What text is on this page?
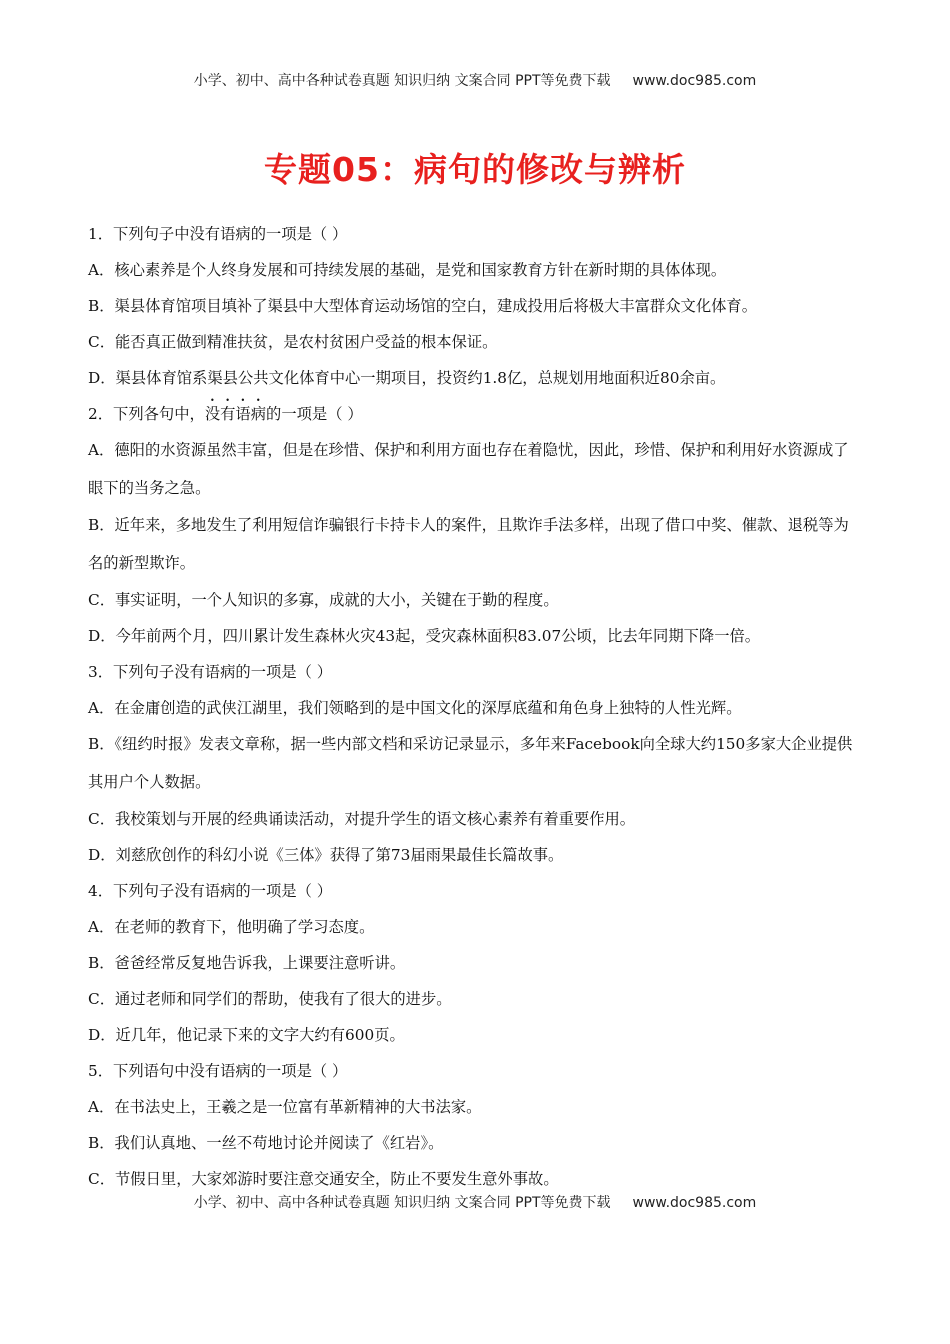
小学、初中、高中各种试卷真题 知识归纳 文案合同 PPT等免费下载 www.doc985.com
专题05：病句的修改与辨析

1．下列句子中没有语病的一项是（ ）

A．核心素养是个人终身发展和可持续发展的基础，是党和国家教育方针在新时期的具体体现。

B．渠县体育馆项目填补了渠县中大型体育运动场馆的空白，建成投用后将极大丰富群众文化体育。

C．能否真正做到精准扶贫，是农村贫困户受益的根本保证。

D．渠县体育馆系渠县公共文化体育中心一期项目，投资约1.8亿，总规划用地面积近80余亩。

2．下列各句中，没有语病的一项是（ ）

A．德阳的水资源虽然丰富，但是在珍惜、保护和利用方面也存在着隐忧，因此，珍惜、保护和利用好水资源成了眼下的当务之急。

B．近年来，多地发生了利用短信诈骗银行卡持卡人的案件，且欺诈手法多样，出现了借口中奖、催款、退税等为名的新型欺诈。

C．事实证明，一个人知识的多寡，成就的大小，关键在于勤的程度。

D．今年前两个月，四川累计发生森林火灾43起，受灾森林面积83.07公顷，比去年同期下降一倍。

3．下列句子没有语病的一项是（ ）

A．在金庸创造的武侠江湖里，我们领略到的是中国文化的深厚底蕴和角色身上独特的人性光辉。

B．《纽约时报》发表文章称，据一些内部文档和采访记录显示，多年来Facebook向全球大约150多家大企业提供其用户个人数据。

C．我校策划与开展的经典诵读活动，对提升学生的语文核心素养有着重要作用。

D．刘慈欣创作的科幻小说《三体》获得了第73届雨果最佳长篇故事。

4．下列句子没有语病的一项是（ ）

A．在老师的教育下，他明确了学习态度。

B．爸爸经常反复地告诉我，上课要注意听讲。

C．通过老师和同学们的帮助，使我有了很大的进步。

D．近几年，他记录下来的文字大约有600页。

5．下列语句中没有语病的一项是（ ）

A．在书法史上，王羲之是一位富有革新精神的大书法家。

B．我们认真地、一丝不苟地讨论并阅读了《红岩》。

C．节假日里，大家郊游时要注意交通安全，防止不要发生意外事故。

小学、初中、高中各种试卷真题 知识归纳 文案合同 PPT等免费下载 www.doc985.com
